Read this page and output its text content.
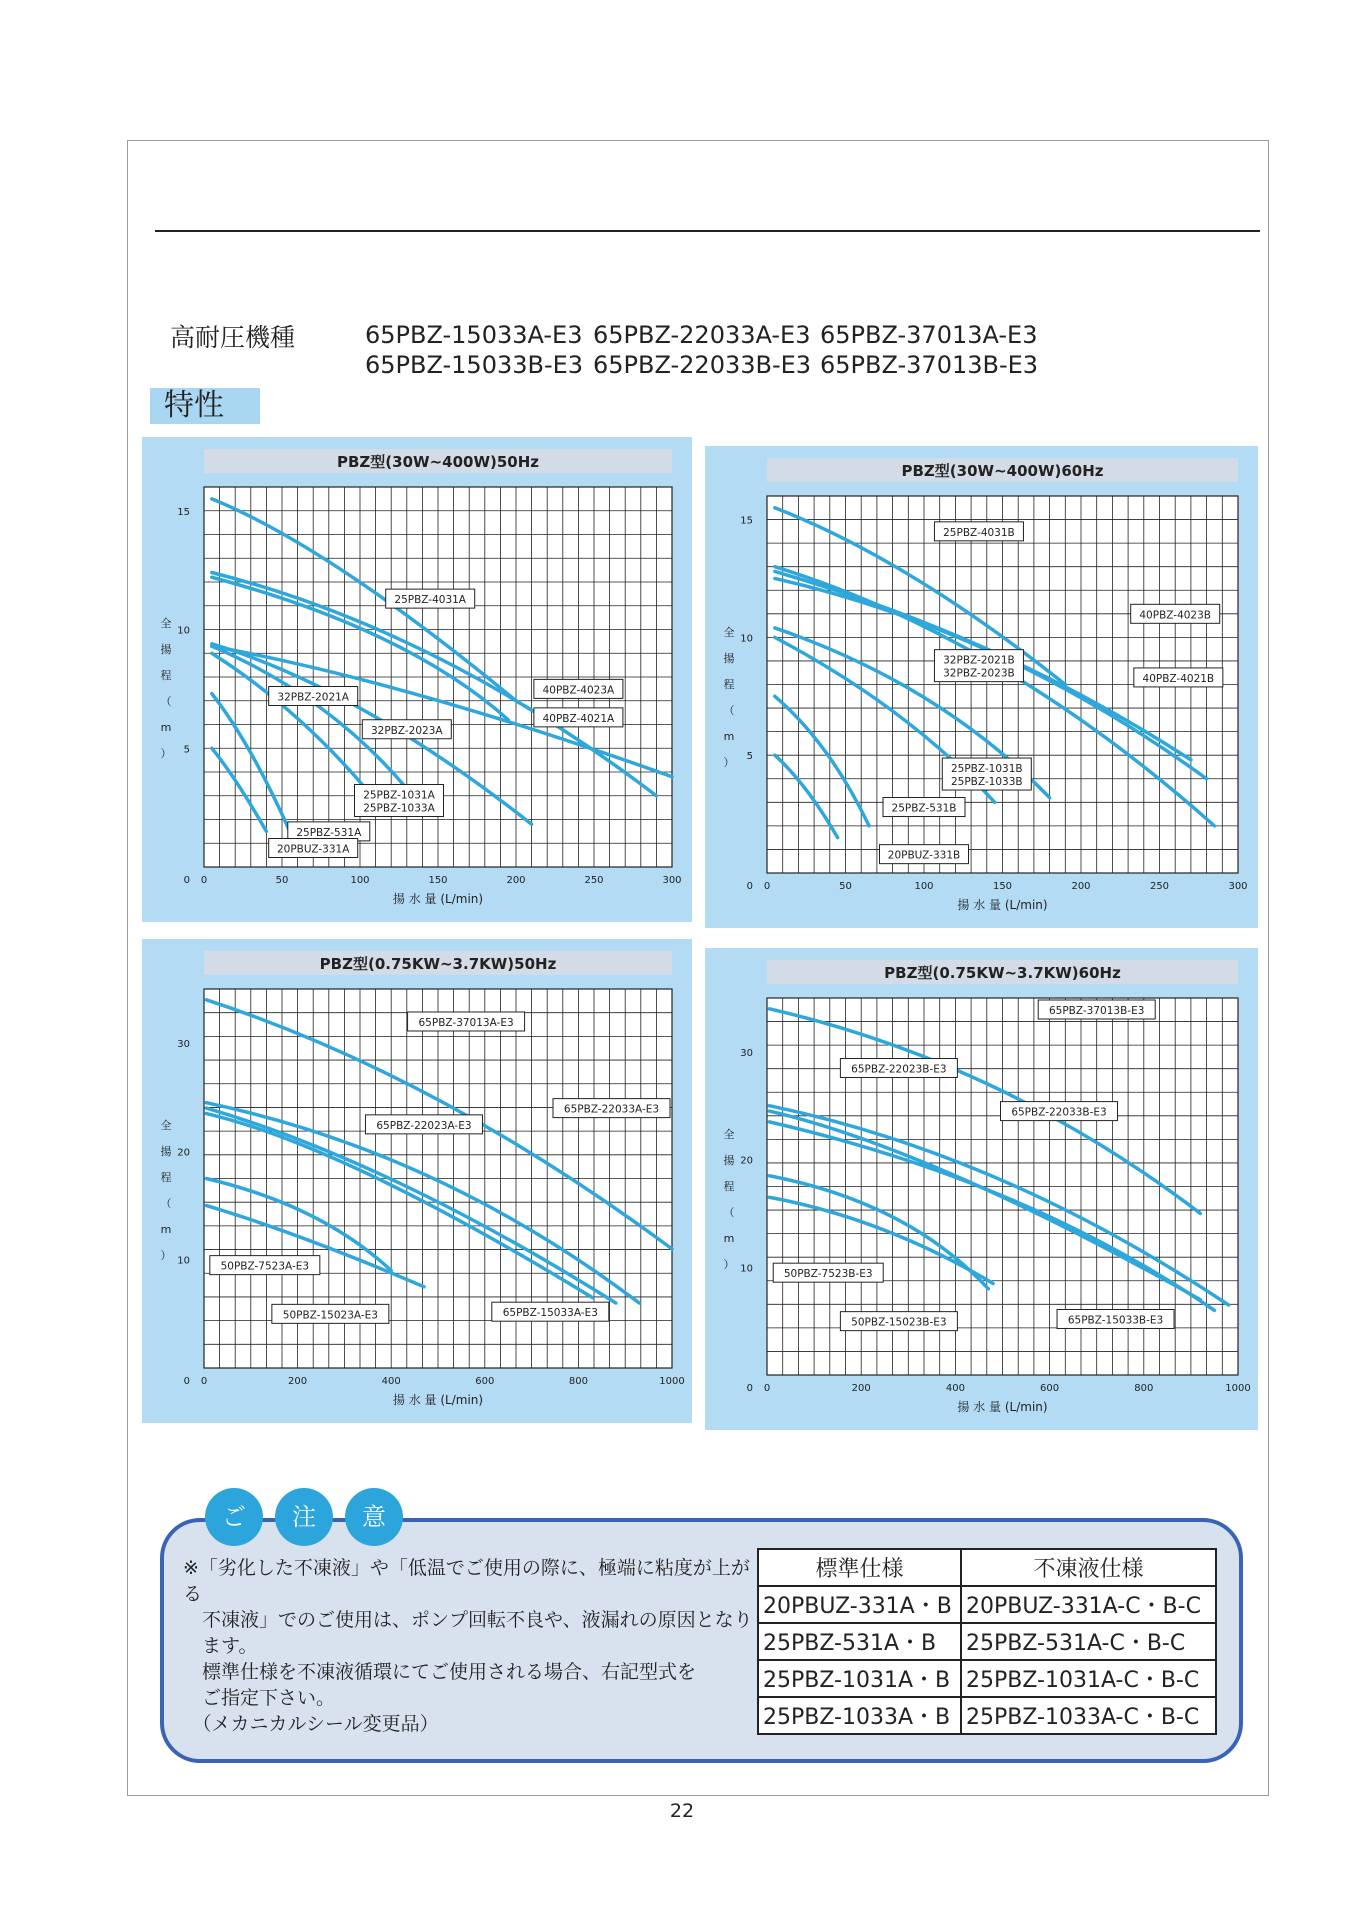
高耐圧機種	65PBZ-15033A-E3
65PBZ-15033B-E3
65PBZ-22033A-E3
65PBZ-22033B-E3
65PBZ-37013A-E3
65PBZ-37013B-E3
特性
PBZ型(30W~400W)50Hz
0	50	100	150	200	250	300
5
10
15
0
揚 水 量 (L/min)
全
揚
程
（
m
）
25PBZ-4031A
40PBZ-4023A
40PBZ-4021A
32PBZ-2021A
32PBZ-2023A
25PBZ-1031A
25PBZ-1033A
25PBZ-531A
20PBUZ-331A
PBZ型(30W~400W)60Hz
0	50	100	150	200	250	300
5
10
15
0
揚 水 量 (L/min)
全
揚
程
（
m
）
25PBZ-4031B
40PBZ-4023B
40PBZ-4021B
32PBZ-2021B
32PBZ-2023B
25PBZ-1031B
25PBZ-1033B
25PBZ-531B
20PBUZ-331B
PBZ型(0.75KW~3.7KW)50Hz
0	200	400	600	800	1000
10
20
30
0
揚 水 量 (L/min)
全
揚
程
（
m
）
65PBZ-37013A-E3
65PBZ-22033A-E3
65PBZ-22023A-E3
50PBZ-7523A-E3
50PBZ-15023A-E3	65PBZ-15033A-E3
PBZ型(0.75KW~3.7KW)60Hz
0	200	400	600	800	1000
10
20
30
0
揚 水 量 (L/min)
全
揚
程
（
m
）
65PBZ-37013B-E3
65PBZ-22023B-E3
65PBZ-22033B-E3
50PBZ-7523B-E3
50PBZ-15023B-E3	65PBZ-15033B-E3
ご	注	意

※「劣化した不凍液」や「低温でご使用の際に、極端に粘度が上がる

　不凍液」でのご使用は、ポンプ回転不良や、液漏れの原因となり

　ます。

　標準仕様を不凍液循環にてご使用される場合、右記型式を

　ご指定下さい。

　（メカニカルシール変更品）

標準仕様	不凍液仕様
20PBUZ-331A・B	20PBUZ-331A-C・B-C
25PBZ-531A・B	25PBZ-531A-C・B-C
25PBZ-1031A・B	25PBZ-1031A-C・B-C
25PBZ-1033A・B	25PBZ-1033A-C・B-C
22
